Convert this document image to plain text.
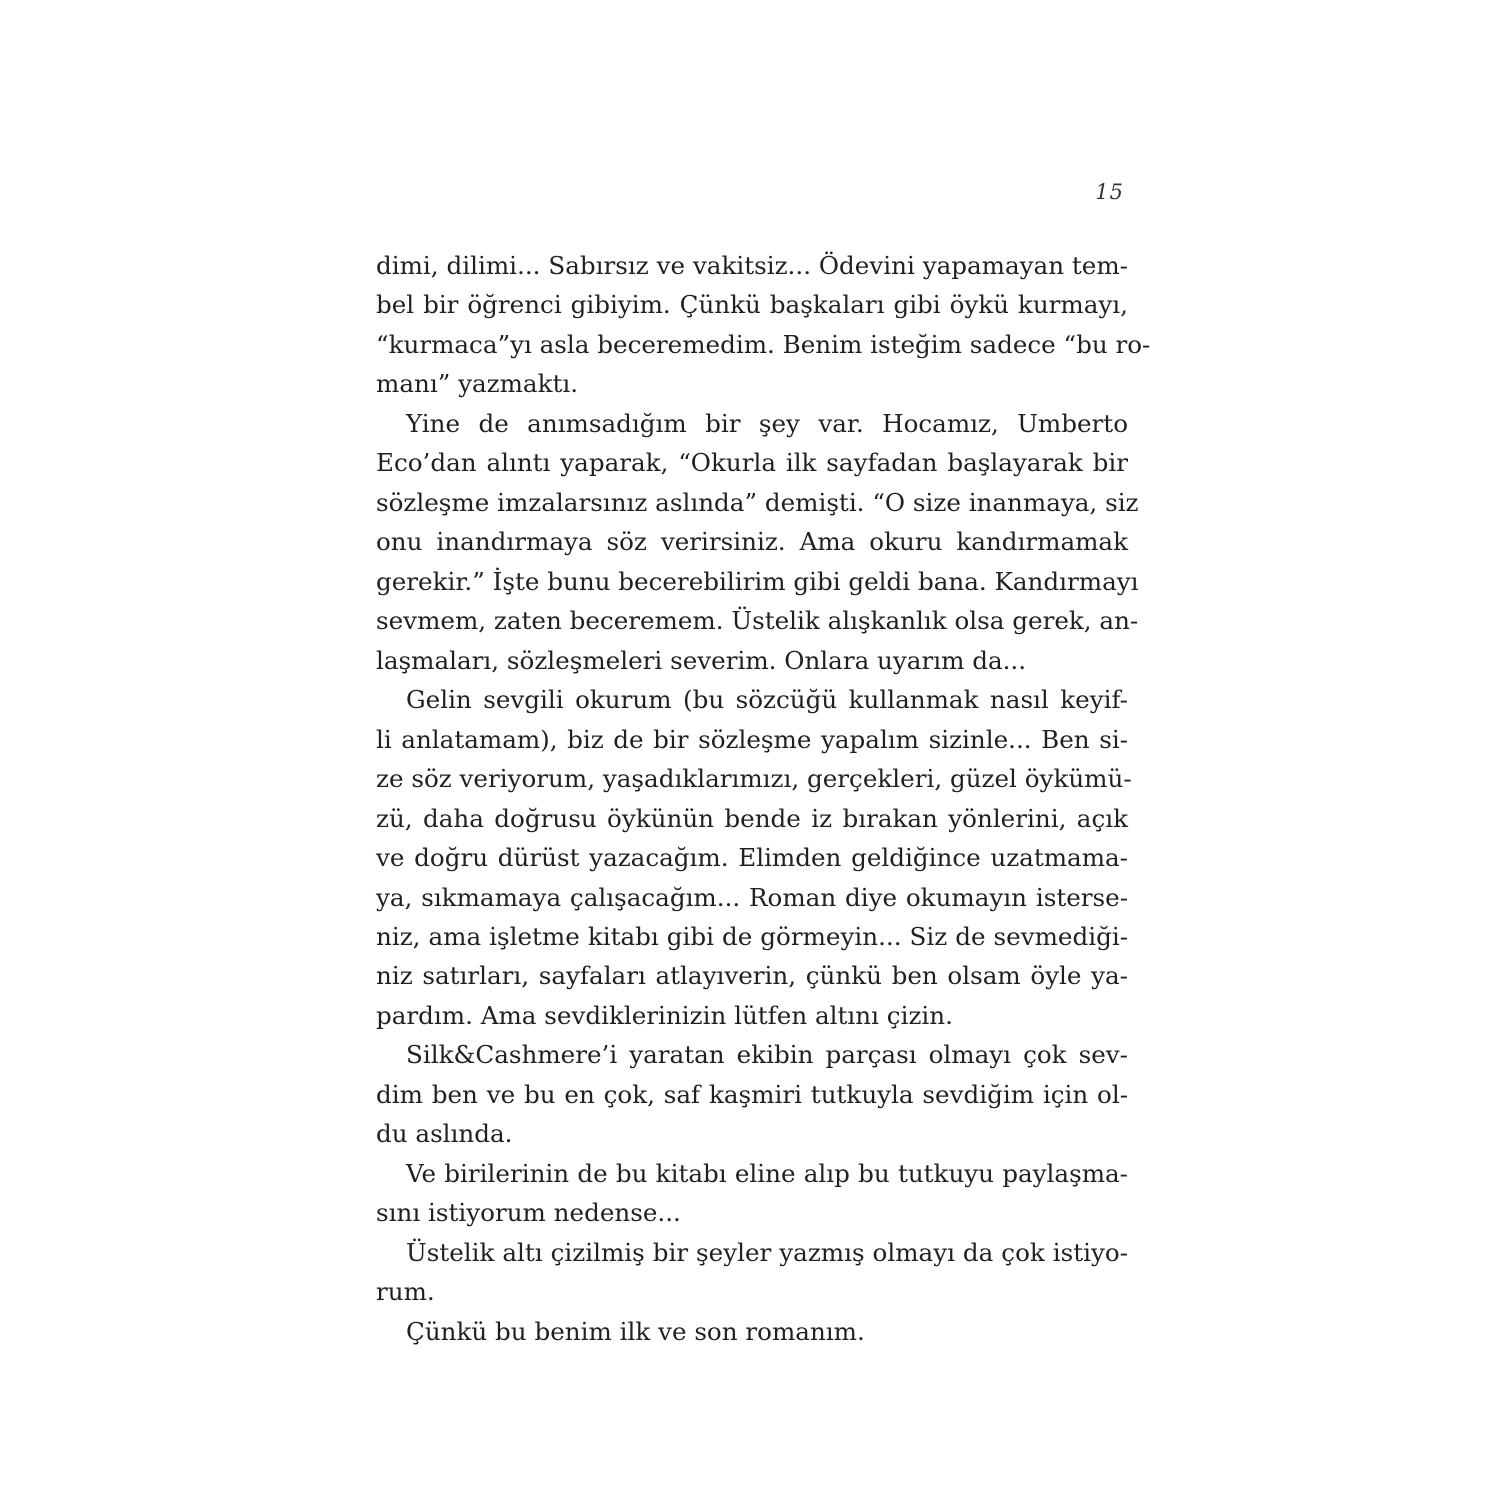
15
dimi, dilimi... Sabırsız ve vakitsiz... Ödevini yapamayan tem-
bel bir öğrenci gibiyim. Çünkü başkaları gibi öykü kurmayı,
“kurmaca”yı asla beceremedim. Benim isteğim sadece “bu ro-
manı” yazmaktı.
Yine de anımsadığım bir şey var. Hocamız, Umberto
Eco’dan alıntı yaparak, “Okurla ilk sayfadan başlayarak bir
sözleşme imzalarsınız aslında” demişti. “O size inanmaya, siz
onu inandırmaya söz verirsiniz. Ama okuru kandırmamak
gerekir.” İşte bunu becerebilirim gibi geldi bana. Kandırmayı
sevmem, zaten beceremem. Üstelik alışkanlık olsa gerek, an-
laşmaları, sözleşmeleri severim. Onlara uyarım da...
Gelin sevgili okurum (bu sözcüğü kullanmak nasıl keyif-
li anlatamam), biz de bir sözleşme yapalım sizinle... Ben si-
ze söz veriyorum, yaşadıklarımızı, gerçekleri, güzel öykümü-
zü, daha doğrusu öykünün bende iz bırakan yönlerini, açık
ve doğru dürüst yazacağım. Elimden geldiğince uzatmama-
ya, sıkmamaya çalışacağım... Roman diye okumayın isterse-
niz, ama işletme kitabı gibi de görmeyin... Siz de sevmediği-
niz satırları, sayfaları atlayıverin, çünkü ben olsam öyle ya-
pardım. Ama sevdiklerinizin lütfen altını çizin.
Silk&Cashmere’i yaratan ekibin parçası olmayı çok sev-
dim ben ve bu en çok, saf kaşmiri tutkuyla sevdiğim için ol-
du aslında.
Ve birilerinin de bu kitabı eline alıp bu tutkuyu paylaşma-
sını istiyorum nedense...
Üstelik altı çizilmiş bir şeyler yazmış olmayı da çok istiyo-
rum.
Çünkü bu benim ilk ve son romanım.
